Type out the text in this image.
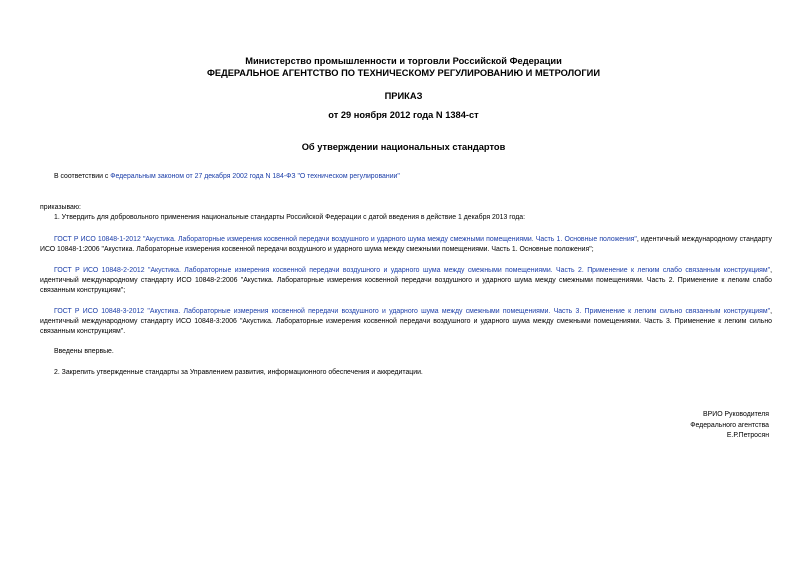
Министерство промышленности и торговли Российской Федерации
ФЕДЕРАЛЬНОЕ АГЕНТСТВО ПО ТЕХНИЧЕСКОМУ РЕГУЛИРОВАНИЮ И МЕТРОЛОГИИ
ПРИКАЗ
от 29 ноября 2012 года N 1384-ст
Об утверждении национальных стандартов
В соответствии с Федеральным законом от 27 декабря 2002 года N 184-ФЗ "О техническом регулировании"
приказываю:
1. Утвердить для добровольного применения национальные стандарты Российской Федерации с датой введения в действие 1 декабря 2013 года:
ГОСТ Р ИСО 10848-1-2012 "Акустика. Лабораторные измерения косвенной передачи воздушного и ударного шума между смежными помещениями. Часть 1. Основные положения", идентичный международному стандарту ИСО 10848-1:2006 "Акустика. Лабораторные измерения косвенной передачи воздушного и ударного шума между смежными помещениями. Часть 1. Основные положения";
ГОСТ Р ИСО 10848-2-2012 "Акустика. Лабораторные измерения косвенной передачи воздушного и ударного шума между смежными помещениями. Часть 2. Применение к легким слабо связанным конструкциям", идентичный международному стандарту ИСО 10848-2:2006 "Акустика. Лабораторные измерения косвенной передачи воздушного и ударного шума между смежными помещениями. Часть 2. Применение к легким слабо связанным конструкциям";
ГОСТ Р ИСО 10848-3-2012 "Акустика. Лабораторные измерения косвенной передачи воздушного и ударного шума между смежными помещениями. Часть 3. Применение к легким сильно связанным конструкциям", идентичный международному стандарту ИСО 10848-3:2006 "Акустика. Лабораторные измерения косвенной передачи воздушного и ударного шума между смежными помещениями. Часть 3. Применение к легким сильно связанным конструкциям".
Введены впервые.
2. Закрепить утвержденные стандарты за Управлением развития, информационного обеспечения и аккредитации.
ВРИО Руководителя
Федерального агентства
Е.Р.Петросян
